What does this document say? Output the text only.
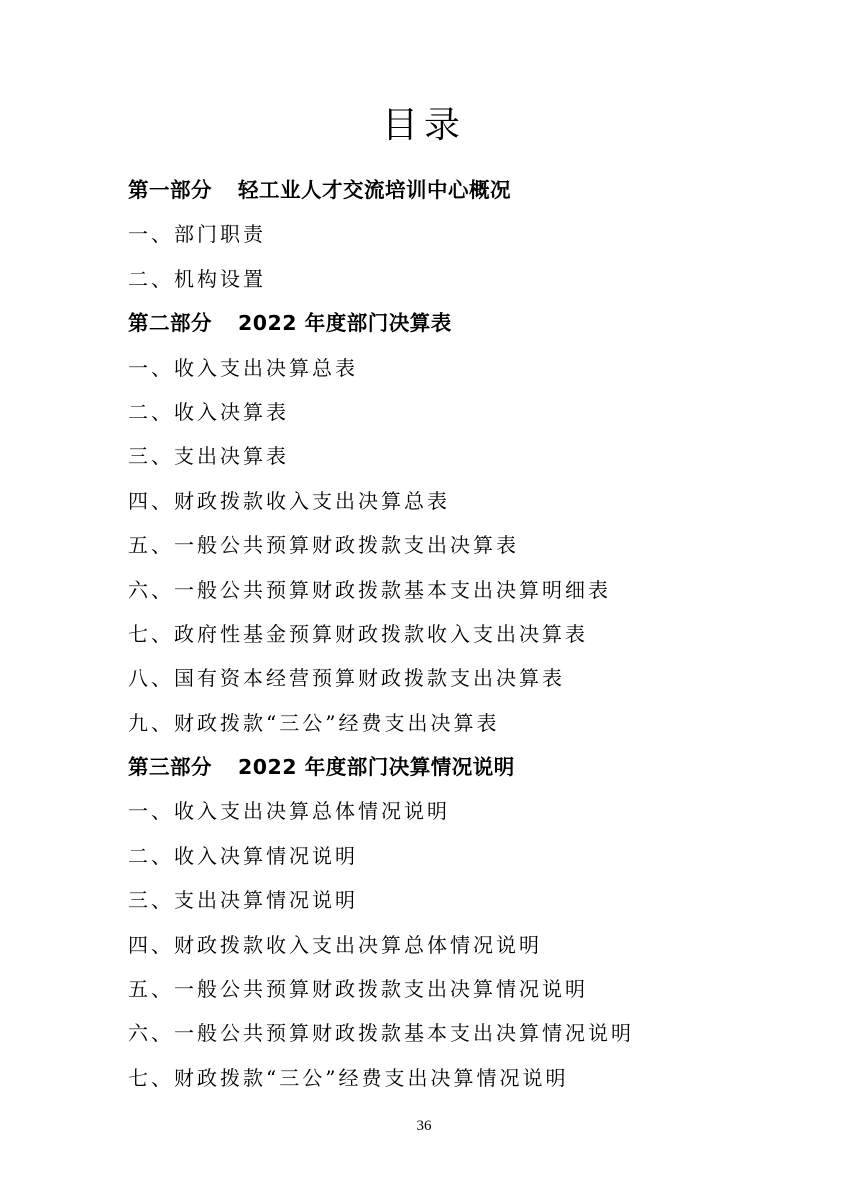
目录
第一部分 轻工业人才交流培训中心概况
一、部门职责
二、机构设置
第二部分 2022 年度部门决算表
一、收入支出决算总表
二、收入决算表
三、支出决算表
四、财政拨款收入支出决算总表
五、一般公共预算财政拨款支出决算表
六、一般公共预算财政拨款基本支出决算明细表
七、政府性基金预算财政拨款收入支出决算表
八、国有资本经营预算财政拨款支出决算表
九、财政拨款“三公”经费支出决算表
第三部分 2022 年度部门决算情况说明
一、收入支出决算总体情况说明
二、收入决算情况说明
三、支出决算情况说明
四、财政拨款收入支出决算总体情况说明
五、一般公共预算财政拨款支出决算情况说明
六、一般公共预算财政拨款基本支出决算情况说明
七、财政拨款“三公”经费支出决算情况说明
36
